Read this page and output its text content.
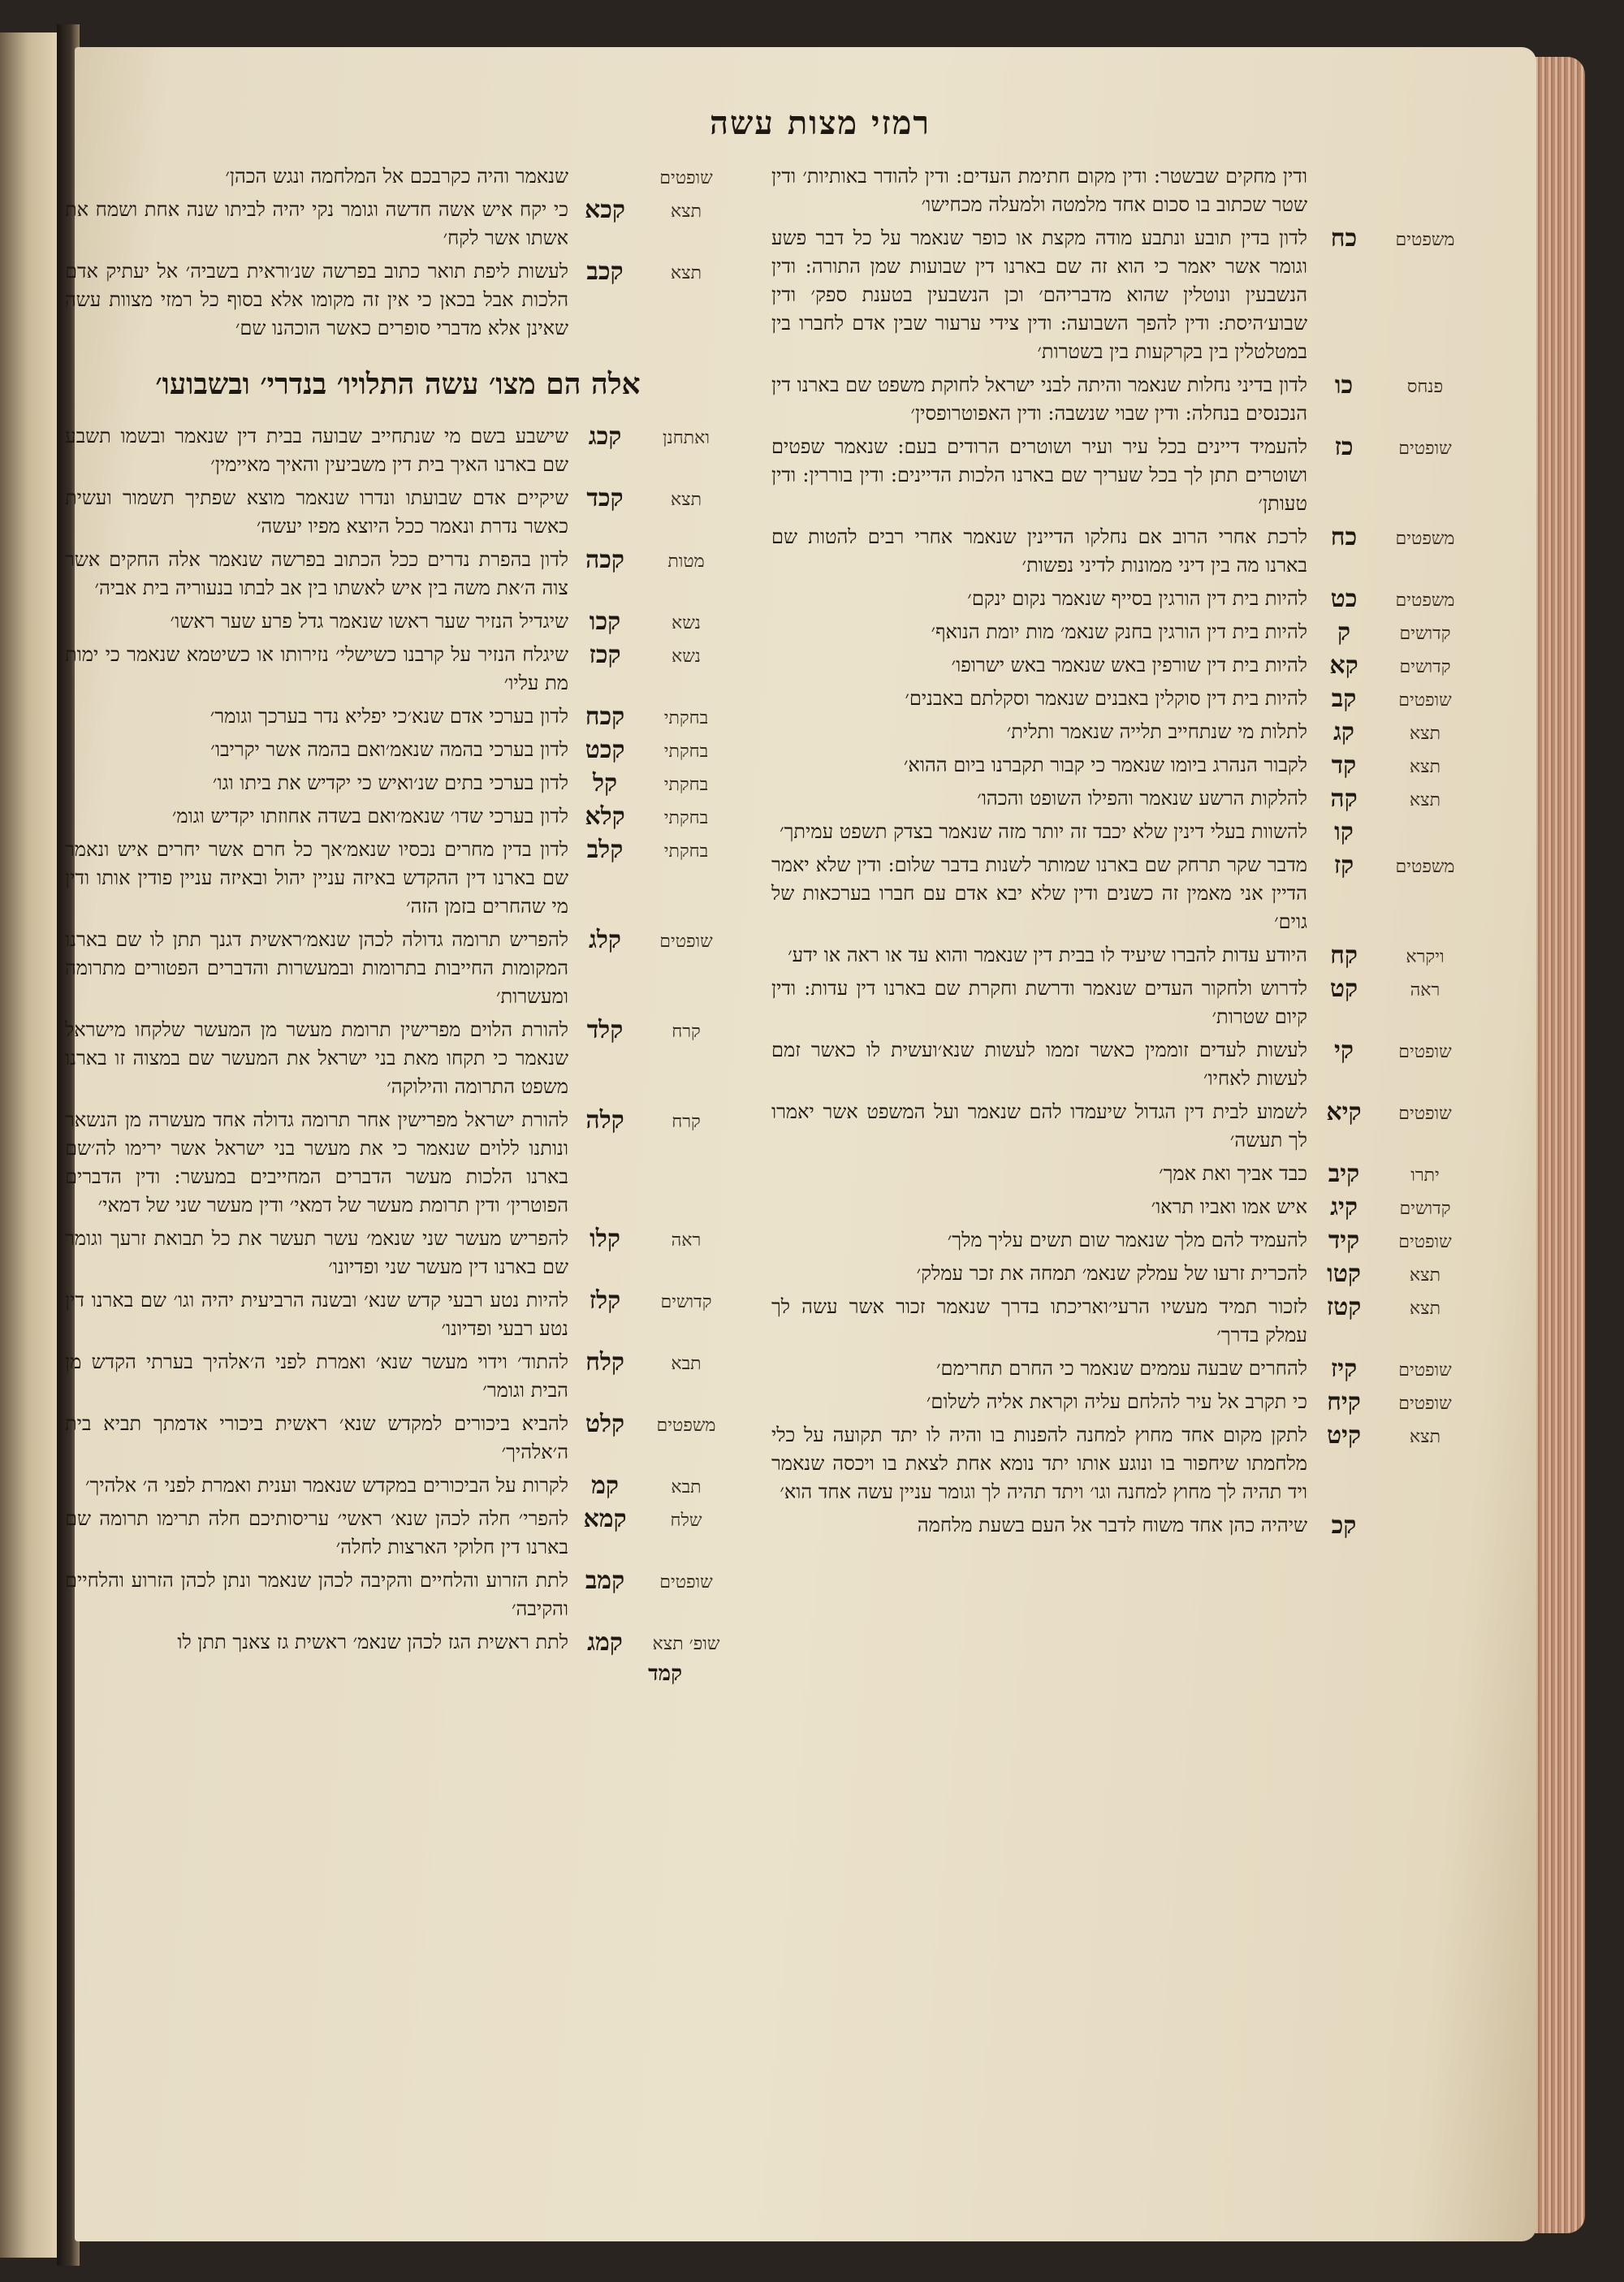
רמזי מצות עשה
ודין מחקים שבשטר: ודין מקום חתימת העדים: ודין להודר באותיות׳ ודין שטר שכתוב בו סכום אחד מלמטה ולמעלה מכחישו׳
משפטים
כח
לדון בדין תובע ונתבע מודה מקצת או כופר שנאמר על כל דבר פשע וגומר אשר יאמר כי הוא זה שם בארנו דין שבועות שמן התורה: ודין הנשבעין ונוטלין שהוא מדבריהם׳ וכן הנשבעין בטענת ספק׳ ודין שבוע׳היסת: ודין להפך השבועה: ודין צידי ערעור שבין אדם לחברו בין במטלטלין בין בקרקעות בין בשטרות׳
פנחס
כו
לדון בדיני נחלות שנאמר והיתה לבני ישראל לחוקת משפט שם בארנו דין הנכנסים בנחלה: ודין שבוי שנשבה: ודין האפוטרופסין׳
שופטים
כז
להעמיד דיינים בכל עיר ועיר ושוטרים הרודים בעם: שנאמר שפטים ושוטרים תתן לך בכל שעריך שם בארנו הלכות הדיינים: ודין בוררין: ודין טעותן׳
משפטים
כח
לרכת אחרי הרוב אם נחלקו הדיינין שנאמר אחרי רבים להטות שם בארנו מה בין דיני ממונות לדיני נפשות׳
משפטים
כט
להיות בית דין הורגין בסייף שנאמר נקום ינקם׳
קדושים
ק
להיות בית דין הורגין בחנק שנאמ׳ מות יומת הנואף׳
קדושים
קא
להיות בית דין שורפין באש שנאמר באש ישרופו׳
שופטים
קב
להיות בית דין סוקלין באבנים שנאמר וסקלתם באבנים׳
תצא
קג
לתלות מי שנתחייב תלייה שנאמר ותלית׳
תצא
קד
לקבור הנהרג ביומו שנאמר כי קבור תקברנו ביום ההוא׳
תצא
קה
להלקות הרשע שנאמר והפילו השופט והכהו׳
קו
להשוות בעלי דינין שלא יכבד זה יותר מזה שנאמר בצדק תשפט עמיתך׳
משפטים
קז
מדבר שקר תרחק שם בארנו שמותר לשנות בדבר שלום: ודין שלא יאמר הדיין אני מאמין זה כשנים ודין שלא יבא אדם עם חברו בערכאות של גוים׳
ויקרא
קח
היודע עדות להברו שיעיד לו בבית דין שנאמר והוא עד או ראה או ידע׳
ראה
קט
לדרוש ולחקור העדים שנאמר ודרשת וחקרת שם בארנו דין עדות: ודין קיום שטרות׳
שופטים
קי
לעשות לעדים זוממין כאשר זממו לעשות שנא׳ועשית לו כאשר זמם לעשות לאחיו׳
שופטים
קיא
לשמוע לבית דין הגדול שיעמדו להם שנאמר ועל המשפט אשר יאמרו לך תעשה׳
יתרו
קיב
כבד אביך ואת אמך׳
קדושים
קיג
איש אמו ואביו תראו׳
שופטים
קיד
להעמיד להם מלך שנאמר שום תשים עליך מלך׳
תצא
קטו
להכרית זרעו של עמלק שנאמ׳ תמחה את זכר עמלק׳
תצא
קטז
לזכור תמיד מעשיו הרעי׳ואריכתו בדרך שנאמר זכור אשר עשה לך עמלק בדרך׳
שופטים
קיז
להחרים שבעה עממים שנאמר כי החרם תחרימם׳
שופטים
קיח
כי תקרב אל עיר להלחם עליה וקראת אליה לשלום׳
תצא
קיט
לתקן מקום אחד מחוץ למחנה להפנות בו והיה לו יתד תקועה על כלי מלחמתו שיחפור בו ונוגע אותו יתד נומא אחת לצאת בו ויכסה שנאמר ויד תהיה לך מחוץ למחנה וגו׳ ויתד תהיה לך וגומר עניין עשה אחד הוא׳
קכ
שיהיה כהן אחד משוח לדבר אל העם בשעת מלחמה
שופטים
שנאמר והיה כקרבכם אל המלחמה ונגש הכהן׳
תצא
קכא
כי יקח איש אשה חדשה וגומר נקי יהיה לביתו שנה אחת ושמח את אשתו אשר לקח׳
תצא
קכב
לעשות ליפת תואר כתוב בפרשה שנ׳וראית בשביה׳ אל יעתיק אדם הלכות אבל בכאן כי אין זה מקומו אלא בסוף כל רמזי מצוות עשה שאינן אלא מדברי סופרים כאשר הוכהנו שם׳
אלה הם מצו׳ עשה התלויו׳ בנדרי׳ ובשבועו׳
ואתחנן
קכג
שישבע בשם מי שנתחייב שבועה בבית דין שנאמר ובשמו תשבע שם בארנו האיך בית דין משביעין והאיך מאיימין׳
תצא
קכד
שיקיים אדם שבועתו ונדרו שנאמר מוצא שפתיך תשמור ועשית כאשר נדרת ונאמר ככל היוצא מפיו יעשה׳
מטות
קכה
לדון בהפרת נדרים ככל הכתוב בפרשה שנאמר אלה החקים אשר צוה ה׳את משה בין איש לאשתו בין אב לבתו בנעוריה בית אביה׳
נשא
קכו
שיגדיל הנזיר שער ראשו שנאמר גדל פרע שער ראשו׳
נשא
קכז
שיגלח הנזיר על קרבנו כשישלי׳ נזירותו או כשיטמא שנאמר כי ימות מת עליו׳
בחקתי
קכח
לדון בערכי אדם שנא׳כי יפליא נדר בערכך וגומר׳
בחקתי
קכט
לדון בערכי בהמה שנאמ׳ואם בהמה אשר יקריבו׳
בחקתי
קל
לדון בערכי בתים שנ׳ואיש כי יקדיש את ביתו וגו׳
בחקתי
קלא
לדון בערכי שדו׳ שנאמ׳ואם בשדה אחוזתו יקדיש וגומ׳
בחקתי
קלב
לדון בדין מחרים נכסיו שנאמ׳אך כל חרם אשר יחרים איש ונאמר שם בארנו דין ההקדש באיזה עניין יהול ובאיזה עניין פודין אותו ודין מי שהחרים בזמן הזה׳
שופטים
קלג
להפריש תרומה גדולה לכהן שנאמ׳ראשית דגנך תתן לו שם בארנו המקומות החייבות בתרומות ובמעשרות והדברים הפטורים מתרומה ומעשרות׳
קרח
קלד
להורת הלוים מפרישין תרומת מעשר מן המעשר שלקחו מישראל שנאמר כי תקחו מאת בני ישראל את המעשר שם במצוה זו בארנו משפט התרומה והילוקה׳
קרח
קלה
להורת ישראל מפרישין אחר תרומה גדולה אחד מעשרה מן הנשאר ונותנו ללוים שנאמר כי את מעשר בני ישראל אשר ירימו לה׳שם בארנו הלכות מעשר הדברים המחייבים במעשר: ודין הדברים הפוטרין׳ ודין תרומת מעשר של דמאי׳ ודין מעשר שני של דמאי׳
ראה
קלו
להפריש מעשר שני שנאמ׳ עשר תעשר את כל תבואת זרעך וגומר שם בארנו דין מעשר שני ופדיונו׳
קדושים
קלז
להיות נטע רבעי קדש שנא׳ ובשנה הרביעית יהיה וגו׳ שם בארנו דין נטע רבעי ופדיונו׳
תבא
קלח
להתוד׳ וידוי מעשר שנא׳ ואמרת לפני ה׳אלהיך בערתי הקדש מן הבית וגומר׳
משפטים
קלט
להביא ביכורים למקדש שנא׳ ראשית ביכורי אדמתך תביא בית ה׳אלהיך׳
תבא
קמ
לקרות על הביכורים במקדש שנאמר וענית ואמרת לפני ה׳ אלהיך׳
שלח
קמא
להפרי׳ חלה לכהן שנא׳ ראשי׳ עריסותיכם חלה תרימו תרומה שם בארנו דין חלוקי הארצות לחלה׳
שופטים
קמב
לתת הזרוע והלחיים והקיבה לכהן שנאמר ונתן לכהן הזרוע והלחיים והקיבה׳
שופ׳ תצא
קמג
לתת ראשית הגז לכהן שנאמ׳ ראשית גז צאנך תתן לו
קמד
